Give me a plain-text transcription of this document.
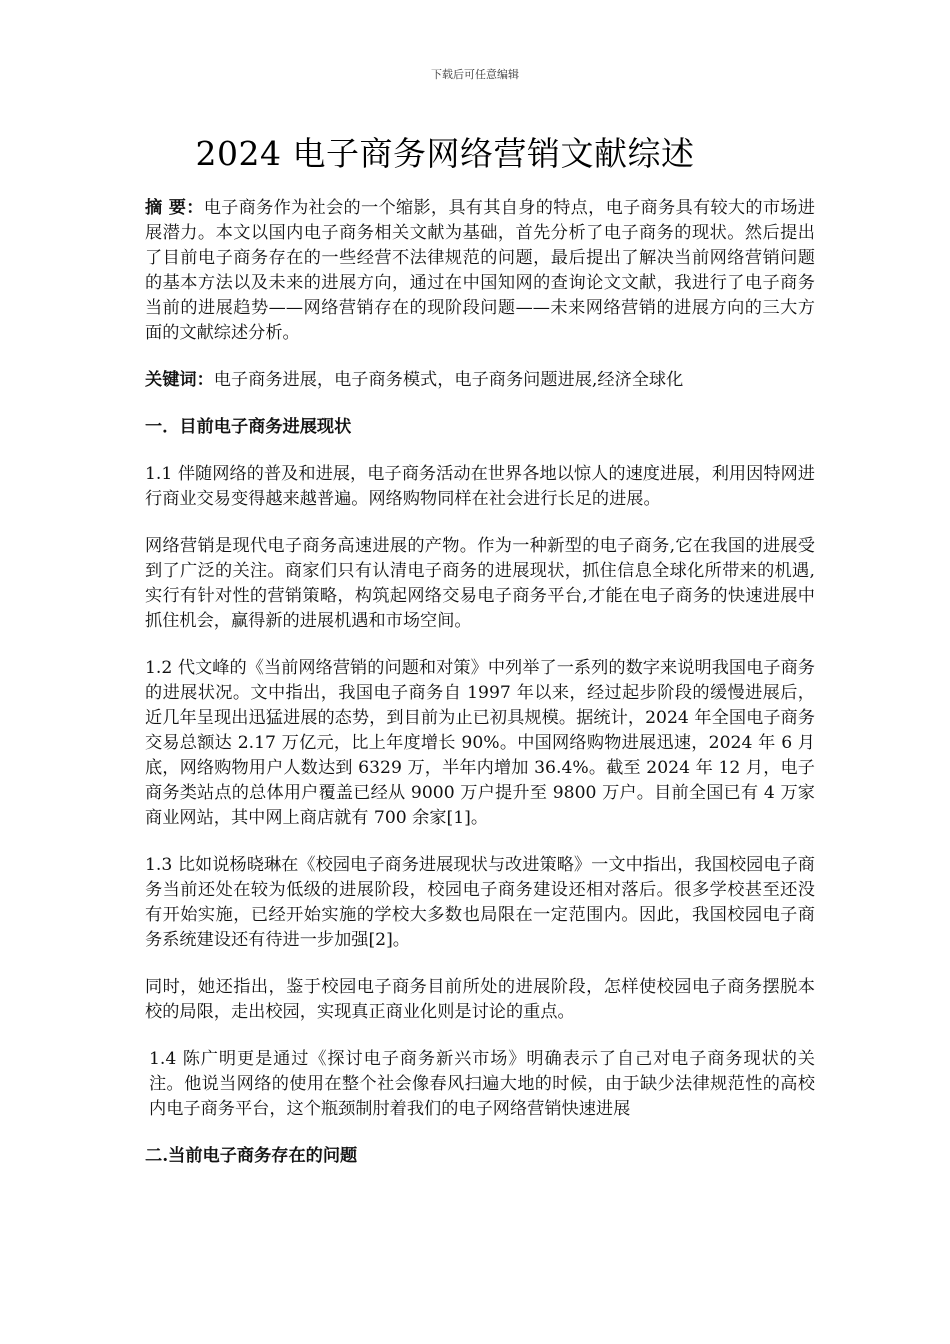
下载后可任意编辑
2024 电子商务网络营销文献综述

摘 要：电子商务作为社会的一个缩影，具有其自身的特点，电子商务具有较大的市场进展潜力。本文以国内电子商务相关文献为基础，首先分析了电子商务的现状。然后提出了目前电子商务存在的一些经营不法律规范的问题，最后提出了解决当前网络营销问题的基本方法以及未来的进展方向，通过在中国知网的查询论文文献，我进行了电子商务当前的进展趋势——网络营销存在的现阶段问题——未来网络营销的进展方向的三大方面的文献综述分析。

关键词：电子商务进展，电子商务模式，电子商务问题进展,经济全球化

一．目前电子商务进展现状

1.1 伴随网络的普及和进展，电子商务活动在世界各地以惊人的速度进展，利用因特网进行商业交易变得越来越普遍。网络购物同样在社会进行长足的进展。

网络营销是现代电子商务高速进展的产物。作为一种新型的电子商务,它在我国的进展受到了广泛的关注。商家们只有认清电子商务的进展现状，抓住信息全球化所带来的机遇,实行有针对性的营销策略，构筑起网络交易电子商务平台,才能在电子商务的快速进展中抓住机会，赢得新的进展机遇和市场空间。

1.2 代文峰的《当前网络营销的问题和对策》中列举了一系列的数字来说明我国电子商务的进展状况。文中指出，我国电子商务自 1997 年以来，经过起步阶段的缓慢进展后，近几年呈现出迅猛进展的态势，到目前为止已初具规模。据统计，2024 年全国电子商务交易总额达 2.17 万亿元，比上年度增长 90%。中国网络购物进展迅速，2024 年 6 月底，网络购物用户人数达到 6329 万，半年内增加 36.4%。截至 2024 年 12 月，电子商务类站点的总体用户覆盖已经从 9000 万户提升至 9800 万户。目前全国已有 4 万家商业网站，其中网上商店就有 700 余家[1]。

1.3 比如说杨晓琳在《校园电子商务进展现状与改进策略》一文中指出，我国校园电子商务当前还处在较为低级的进展阶段，校园电子商务建设还相对落后。很多学校甚至还没有开始实施，已经开始实施的学校大多数也局限在一定范围内。因此，我国校园电子商务系统建设还有待进一步加强[2]。

同时，她还指出，鉴于校园电子商务目前所处的进展阶段，怎样使校园电子商务摆脱本校的局限，走出校园，实现真正商业化则是讨论的重点。

1.4 陈广明更是通过《探讨电子商务新兴市场》明确表示了自己对电子商务现状的关注。他说当网络的使用在整个社会像春风扫遍大地的时候，由于缺少法律规范性的高校内电子商务平台，这个瓶颈制肘着我们的电子网络营销快速进展

二.当前电子商务存在的问题
